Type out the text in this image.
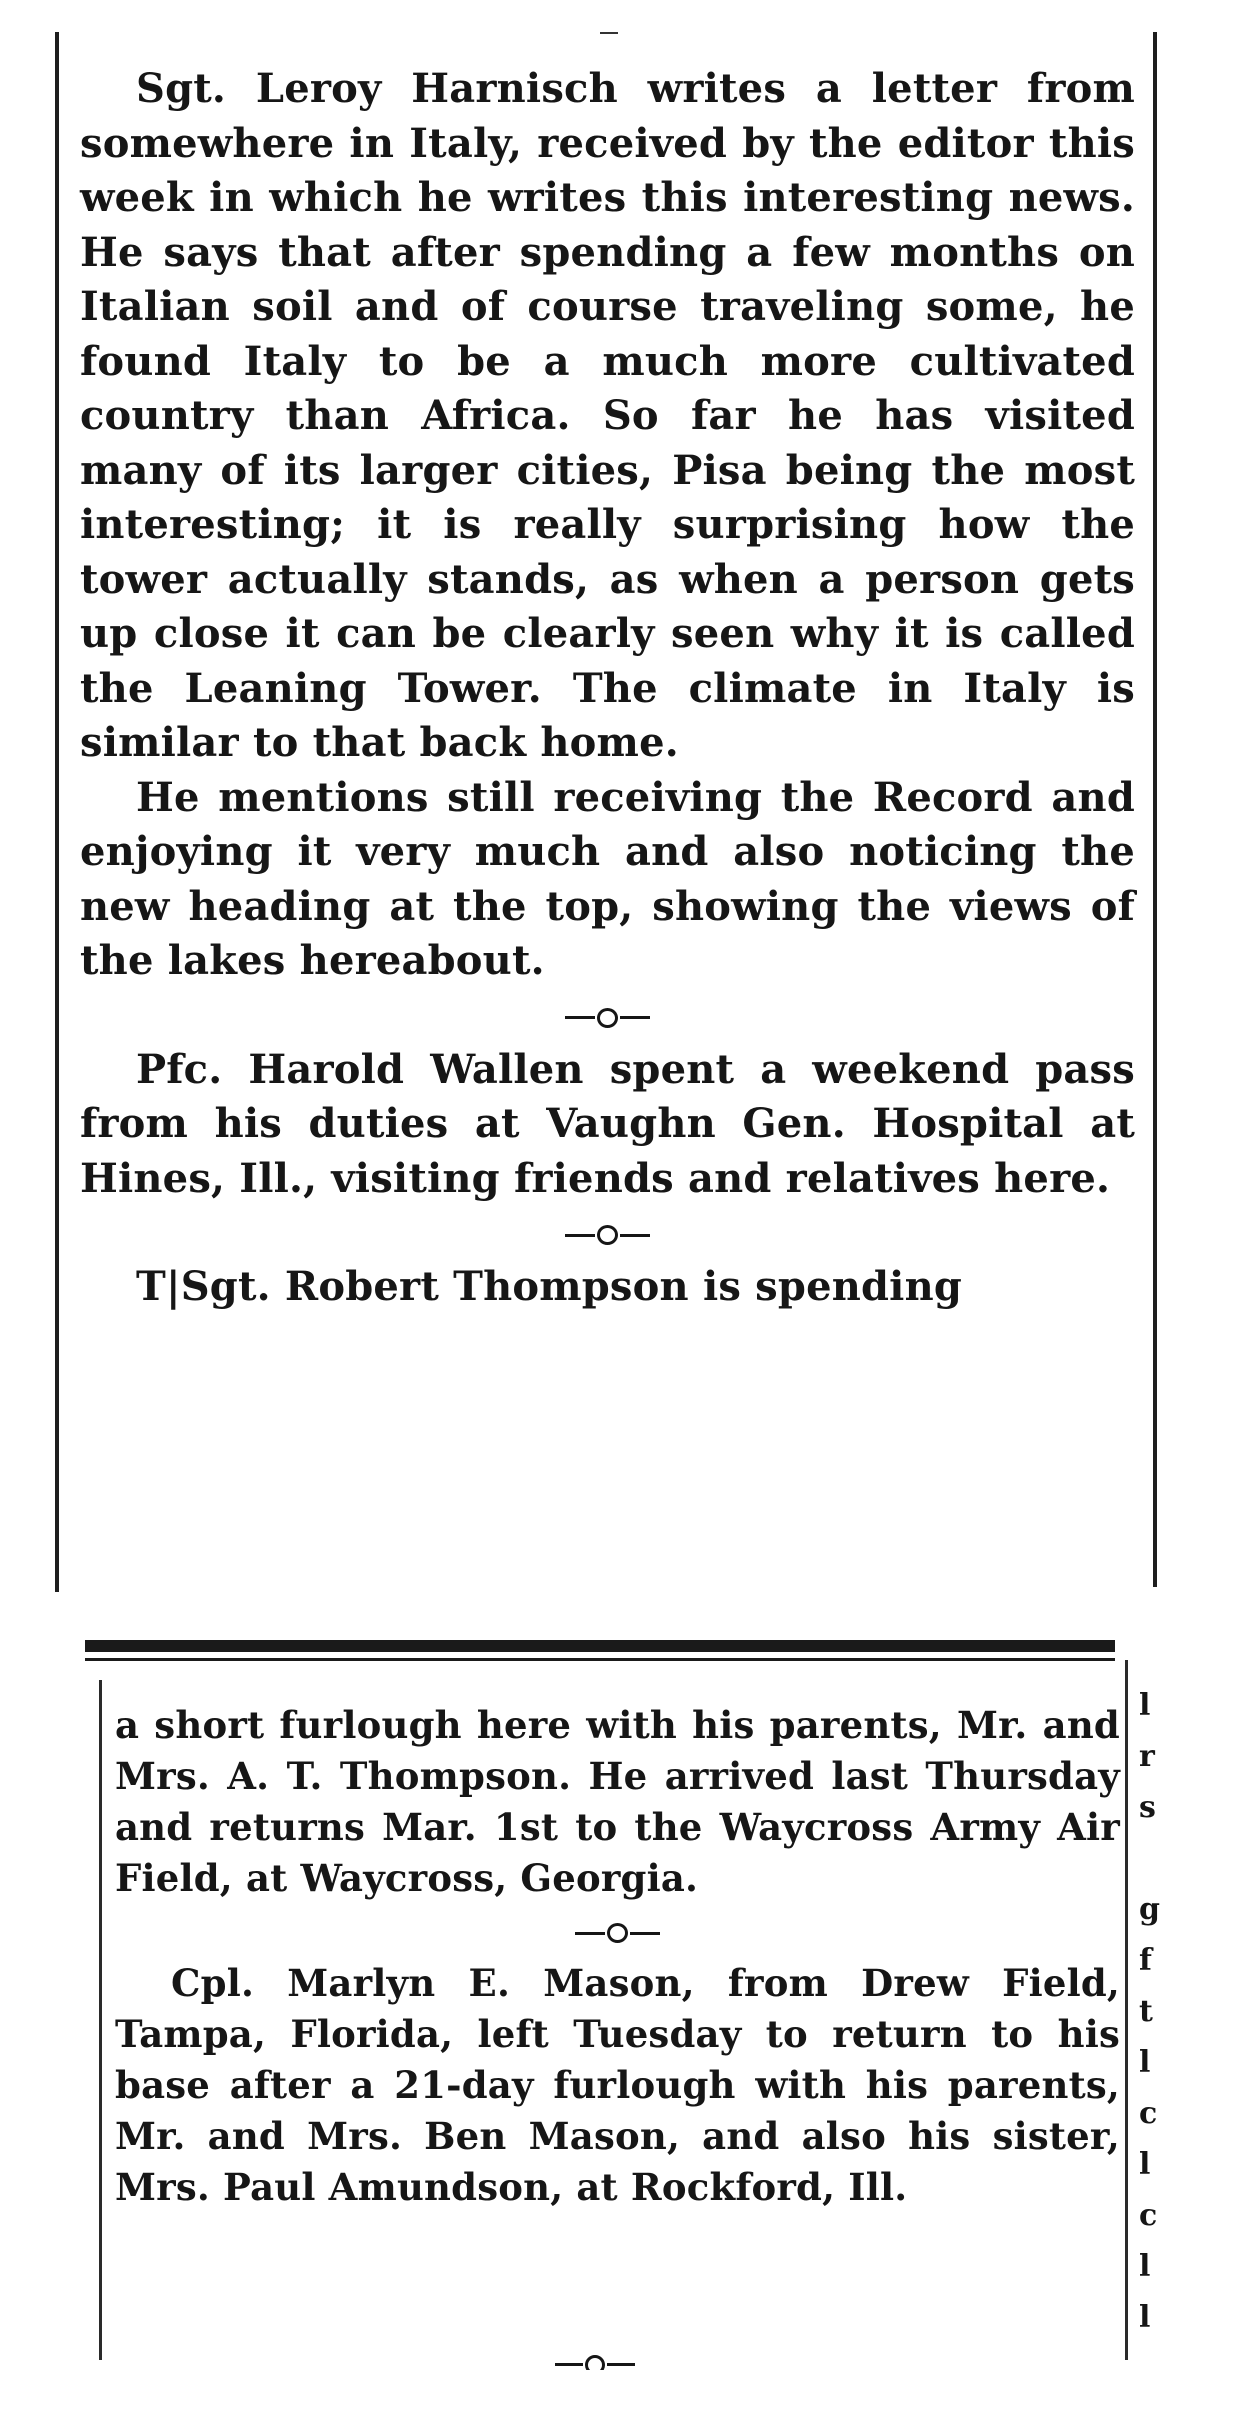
Sgt. Leroy Harnisch writes a letter from somewhere in Italy, received by the editor this week in which he writes this interesting news. He says that after spending a few months on Italian soil and of course traveling some, he found Italy to be a much more cultivated country than Africa. So far he has visited many of its larger cities, Pisa being the most interesting; it is really surprising how the tower actually stands, as when a person gets up close it can be clearly seen why it is called the Leaning Tower. The climate in Italy is similar to that back home.

He mentions still receiving the Record and enjoying it very much and also noticing the new heading at the top, showing the views of the lakes hereabout.

Pfc. Harold Wallen spent a weekend pass from his duties at Vaughn Gen. Hospital at Hines, Ill., visiting friends and relatives here.

T|Sgt. Robert Thompson is spending

a short furlough here with his parents, Mr. and Mrs. A. T. Thompson. He arrived last Thursday and returns Mar. 1st to the Waycross Army Air Field, at Waycross, Georgia.

Cpl. Marlyn E. Mason, from Drew Field, Tampa, Florida, left Tuesday to return to his base after a 21-day furlough with his parents, Mr. and Mrs. Ben Mason, and also his sister, Mrs. Paul Amundson, at Rockford, Ill.

l
r
s
g
f
t
l
c
l
c
l
l
